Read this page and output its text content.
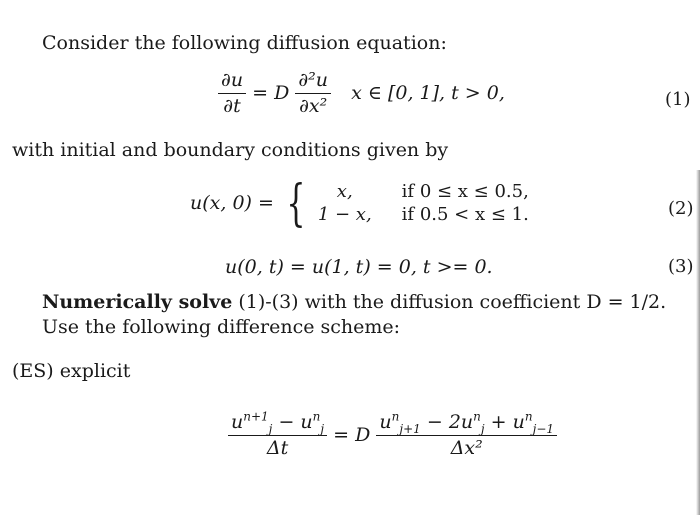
Consider the following diffusion equation:
$\frac{\partial u}{\partial t} = D \frac{\text{∂²u}}{\text{∂x²}}$ x ∈ [0, 1], t > 0,	(1)
with initial and boundary conditions given by
u(x, 0) = { x,	if 0 ≤ x ≤ 0.5,
1 − x,	if 0.5 < x ≤ 1.	(2)
u(0, t) = u(1, t) = 0, t >= 0.	(3)
Numerically solve (1)-(3) with the diffusion coefficient D = 1/2.
Use the following difference scheme:
(ES) explicit
$\frac{u^{n+1}_j - u^n_j}{\Delta t} = D \frac{u^n_{j+1} - 2u^n_j + u^n_{j-1}}{\text{Δx²}}$
